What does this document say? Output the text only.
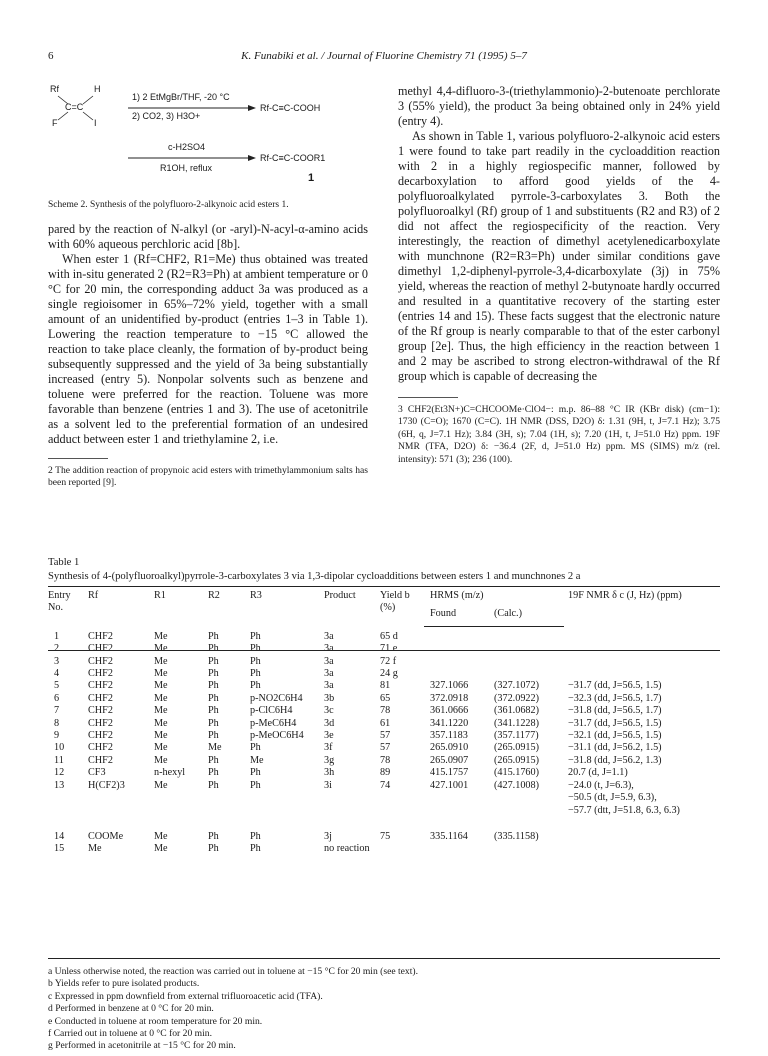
6	K. Funabiki et al. / Journal of Fluorine Chemistry 71 (1995) 5–7
Rf	H
C=C
F	I
1) 2 EtMgBr/THF, -20 °C
2) CO2, 3) H3O+
Rf-C≡C-COOH
c-H2SO4
R1OH, reflux
Rf-C≡C-COOR1
1
Scheme 2. Synthesis of the polyfluoro-2-alkynoic acid esters 1.

pared by the reaction of N-alkyl (or -aryl)-N-acyl-α-amino acids with 60% aqueous perchloric acid [8b].

When ester 1 (Rf=CHF2, R1=Me) thus obtained was treated with in-situ generated 2 (R2=R3=Ph) at ambient temperature or 0 °C for 20 min, the corresponding adduct 3a was produced as a single regioisomer in 65%–72% yield, together with a small amount of an unidentified by-product (entries 1–3 in Table 1). Lowering the reaction temperature to −15 °C allowed the reaction to take place cleanly, the formation of by-product being subsequently suppressed and the yield of 3a being substantially increased (entry 5). Nonpolar solvents such as benzene and toluene were preferred for the reaction. Toluene was more favorable than benzene (entries 1 and 3). The use of acetonitrile as a solvent led to the preferential formation of an undesired adduct between ester 1 and triethylamine 2, i.e.

2 The addition reaction of propynoic acid esters with trimethylammonium salts has been reported [9].

methyl 4,4-difluoro-3-(triethylammonio)-2-butenoate perchlorate 3 (55% yield), the product 3a being obtained only in 24% yield (entry 4).

As shown in Table 1, various polyfluoro-2-alkynoic acid esters 1 were found to take part readily in the cycloaddition reaction with 2 in a highly regiospecific manner, followed by decarboxylation to afford good yields of the 4-polyfluoroalkylated pyrrole-3-carboxylates 3. Both the polyfluoroalkyl (Rf) group of 1 and substituents (R2 and R3) of 2 did not affect the regiospecificity of the reaction. Very interestingly, the reaction of dimethyl acetylenedicarboxylate with munchnone (R2=R3=Ph) under similar conditions gave dimethyl 1,2-diphenyl-pyrrole-3,4-dicarboxylate (3j) in 75% yield, whereas the reaction of methyl 2-butynoate hardly occurred and resulted in a quantitative recovery of the starting ester (entries 14 and 15). These facts suggest that the electronic nature of the Rf group is nearly comparable to that of the ester carbonyl group [2e]. Thus, the high efficiency in the reaction between 1 and 2 may be ascribed to strong electron-withdrawal of the Rf group which is capable of decreasing the

3 CHF2(Et3N+)C=CHCOOMe·ClO4−: m.p. 86–88 °C IR (KBr disk) (cm−1): 1730 (C=O); 1670 (C=C). 1H NMR (DSS, D2O) δ: 1.31 (9H, t, J=7.1 Hz); 3.75 (6H, q, J=7.1 Hz); 3.84 (3H, s); 7.04 (1H, s); 7.20 (1H, t, J=51.0 Hz) ppm. 19F NMR (TFA, D2O) δ: −36.4 (2F, d, J=51.0 Hz) ppm. MS (SIMS) m/z (rel. intensity): 571 (3); 236 (100).
Table 1
Synthesis of 4-(polyfluoroalkyl)pyrrole-3-carboxylates 3 via 1,3-dipolar cycloadditions between esters 1 and munchnones 2 a
Entry	Rf	R1	R2	R3	Product	Yield b	HRMS (m/z)		19F NMR δ c (J, Hz) (ppm)
No.						(%)	Found	(Calc.)	
1	CHF2	Me	Ph	Ph	3a	65 d			
2	CHF2	Me	Ph	Ph	3a	71 e			
3	CHF2	Me	Ph	Ph	3a	72 f			
4	CHF2	Me	Ph	Ph	3a	24 g			
5	CHF2	Me	Ph	Ph	3a	81	327.1066	(327.1072)	−31.7 (dd, J=56.5, 1.5)
6	CHF2	Me	Ph	p-NO2C6H4	3b	65	372.0918	(372.0922)	−32.3 (dd, J=56.5, 1.7)
7	CHF2	Me	Ph	p-ClC6H4	3c	78	361.0666	(361.0682)	−31.8 (dd, J=56.5, 1.7)
8	CHF2	Me	Ph	p-MeC6H4	3d	61	341.1220	(341.1228)	−31.7 (dd, J=56.5, 1.5)
9	CHF2	Me	Ph	p-MeOC6H4	3e	57	357.1183	(357.1177)	−32.1 (dd, J=56.5, 1.5)
10	CHF2	Me	Me	Ph	3f	57	265.0910	(265.0915)	−31.1 (dd, J=56.2, 1.5)
11	CHF2	Me	Ph	Me	3g	78	265.0907	(265.0915)	−31.8 (dd, J=56.2, 1.3)
12	CF3	n-hexyl	Ph	Ph	3h	89	415.1757	(415.1760)	20.7 (d, J=1.1)
13	H(CF2)3	Me	Ph	Ph	3i	74	427.1001	(427.1008)	−24.0 (t, J=6.3),
									−50.5 (dt, J=5.9, 6.3),
									−57.7 (dtt, J=51.8, 6.3, 6.3)
14	COOMe	Me	Ph	Ph	3j	75	335.1164	(335.1158)	
15	Me	Me	Ph	Ph	no reaction				
a Unless otherwise noted, the reaction was carried out in toluene at −15 °C for 20 min (see text).
b Yields refer to pure isolated products.
c Expressed in ppm downfield from external trifluoroacetic acid (TFA).
d Performed in benzene at 0 °C for 20 min.
e Conducted in toluene at room temperature for 20 min.
f Carried out in toluene at 0 °C for 20 min.
g Performed in acetonitrile at −15 °C for 20 min.
